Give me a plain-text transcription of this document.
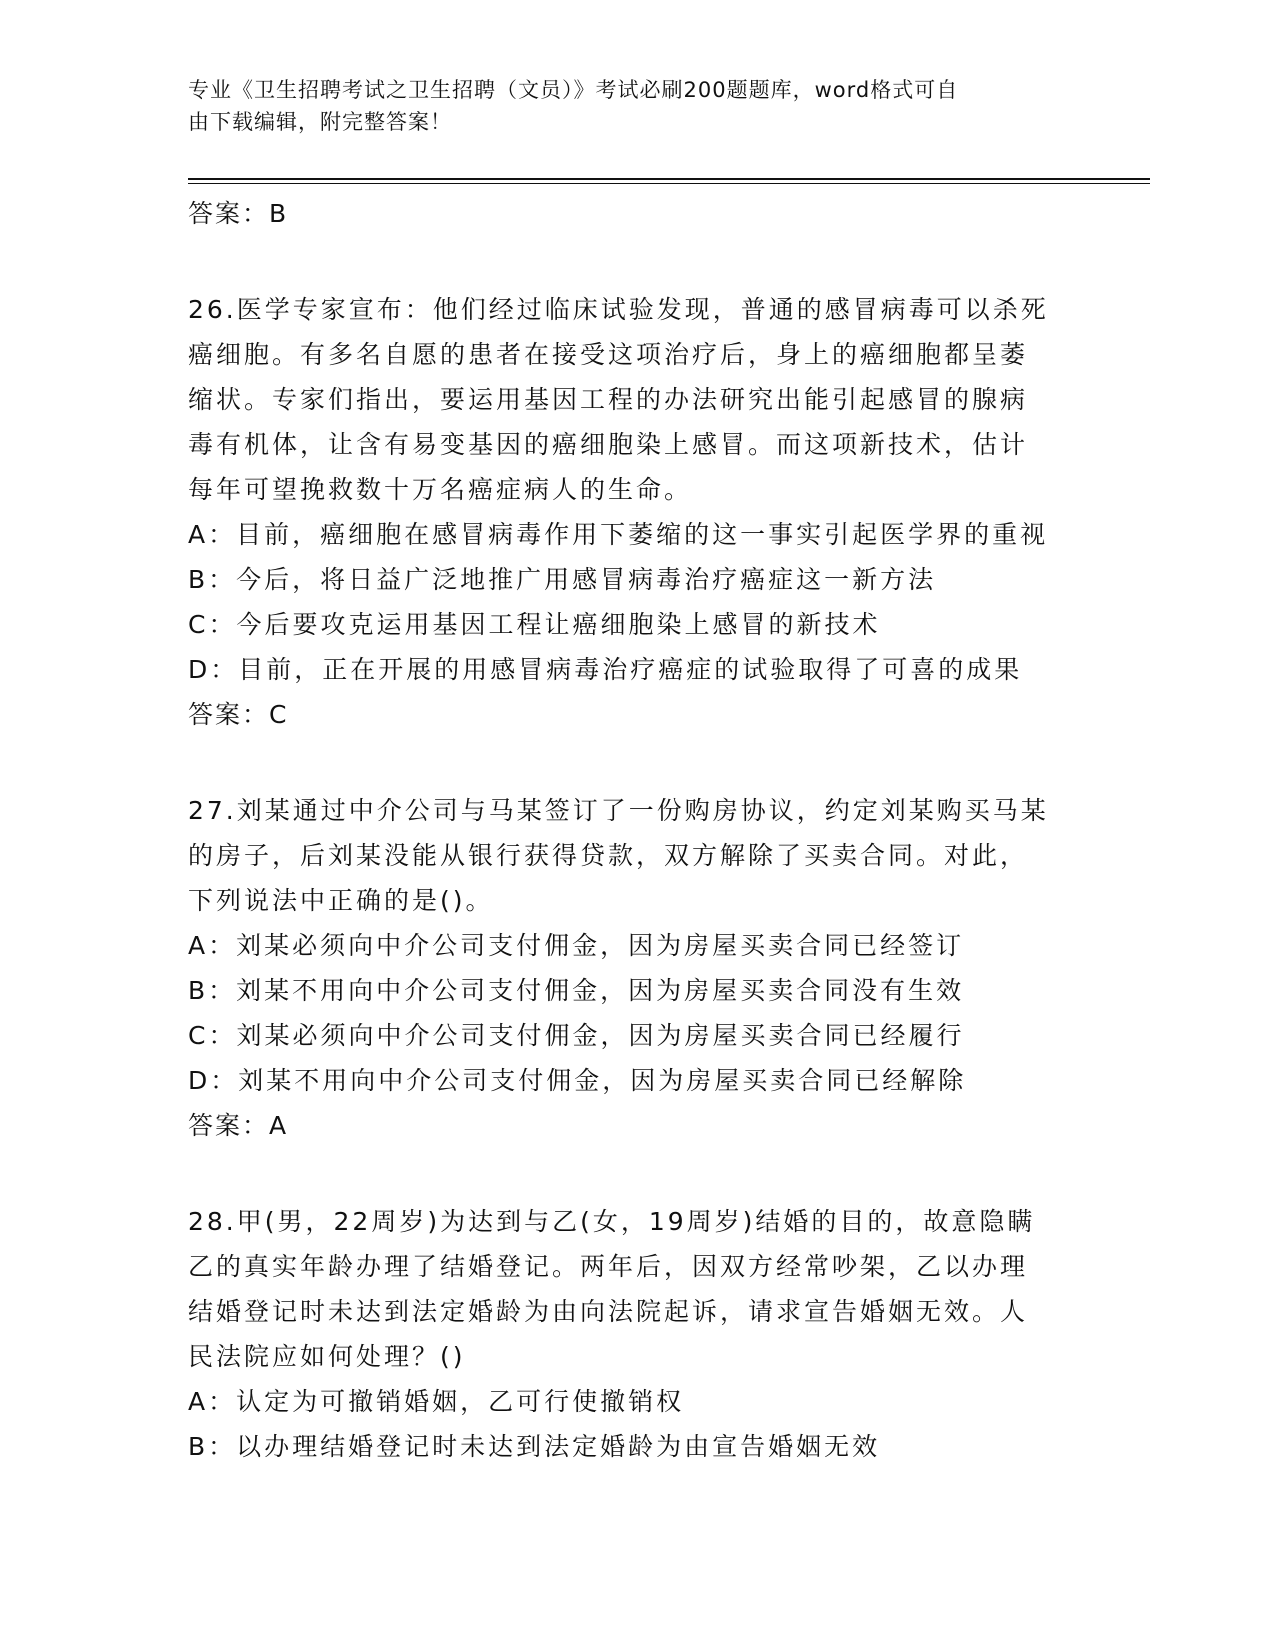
专业《卫生招聘考试之卫生招聘（文员）》考试必刷200题题库，word格式可自
由下载编辑，附完整答案！
答案：B
26.医学专家宣布：他们经过临床试验发现，普通的感冒病毒可以杀死
癌细胞。有多名自愿的患者在接受这项治疗后，身上的癌细胞都呈萎
缩状。专家们指出，要运用基因工程的办法研究出能引起感冒的腺病
毒有机体，让含有易变基因的癌细胞染上感冒。而这项新技术，估计
每年可望挽救数十万名癌症病人的生命。
A：目前，癌细胞在感冒病毒作用下萎缩的这一事实引起医学界的重视
B：今后，将日益广泛地推广用感冒病毒治疗癌症这一新方法
C：今后要攻克运用基因工程让癌细胞染上感冒的新技术
D：目前，正在开展的用感冒病毒治疗癌症的试验取得了可喜的成果
答案：C
27.刘某通过中介公司与马某签订了一份购房协议，约定刘某购买马某
的房子，后刘某没能从银行获得贷款，双方解除了买卖合同。对此，
下列说法中正确的是()。
A：刘某必须向中介公司支付佣金，因为房屋买卖合同已经签订
B：刘某不用向中介公司支付佣金，因为房屋买卖合同没有生效
C：刘某必须向中介公司支付佣金，因为房屋买卖合同已经履行
D：刘某不用向中介公司支付佣金，因为房屋买卖合同已经解除
答案：A
28.甲(男，22周岁)为达到与乙(女，19周岁)结婚的目的，故意隐瞒
乙的真实年龄办理了结婚登记。两年后，因双方经常吵架，乙以办理
结婚登记时未达到法定婚龄为由向法院起诉，请求宣告婚姻无效。人
民法院应如何处理？()
A：认定为可撤销婚姻，乙可行使撤销权
B：以办理结婚登记时未达到法定婚龄为由宣告婚姻无效
